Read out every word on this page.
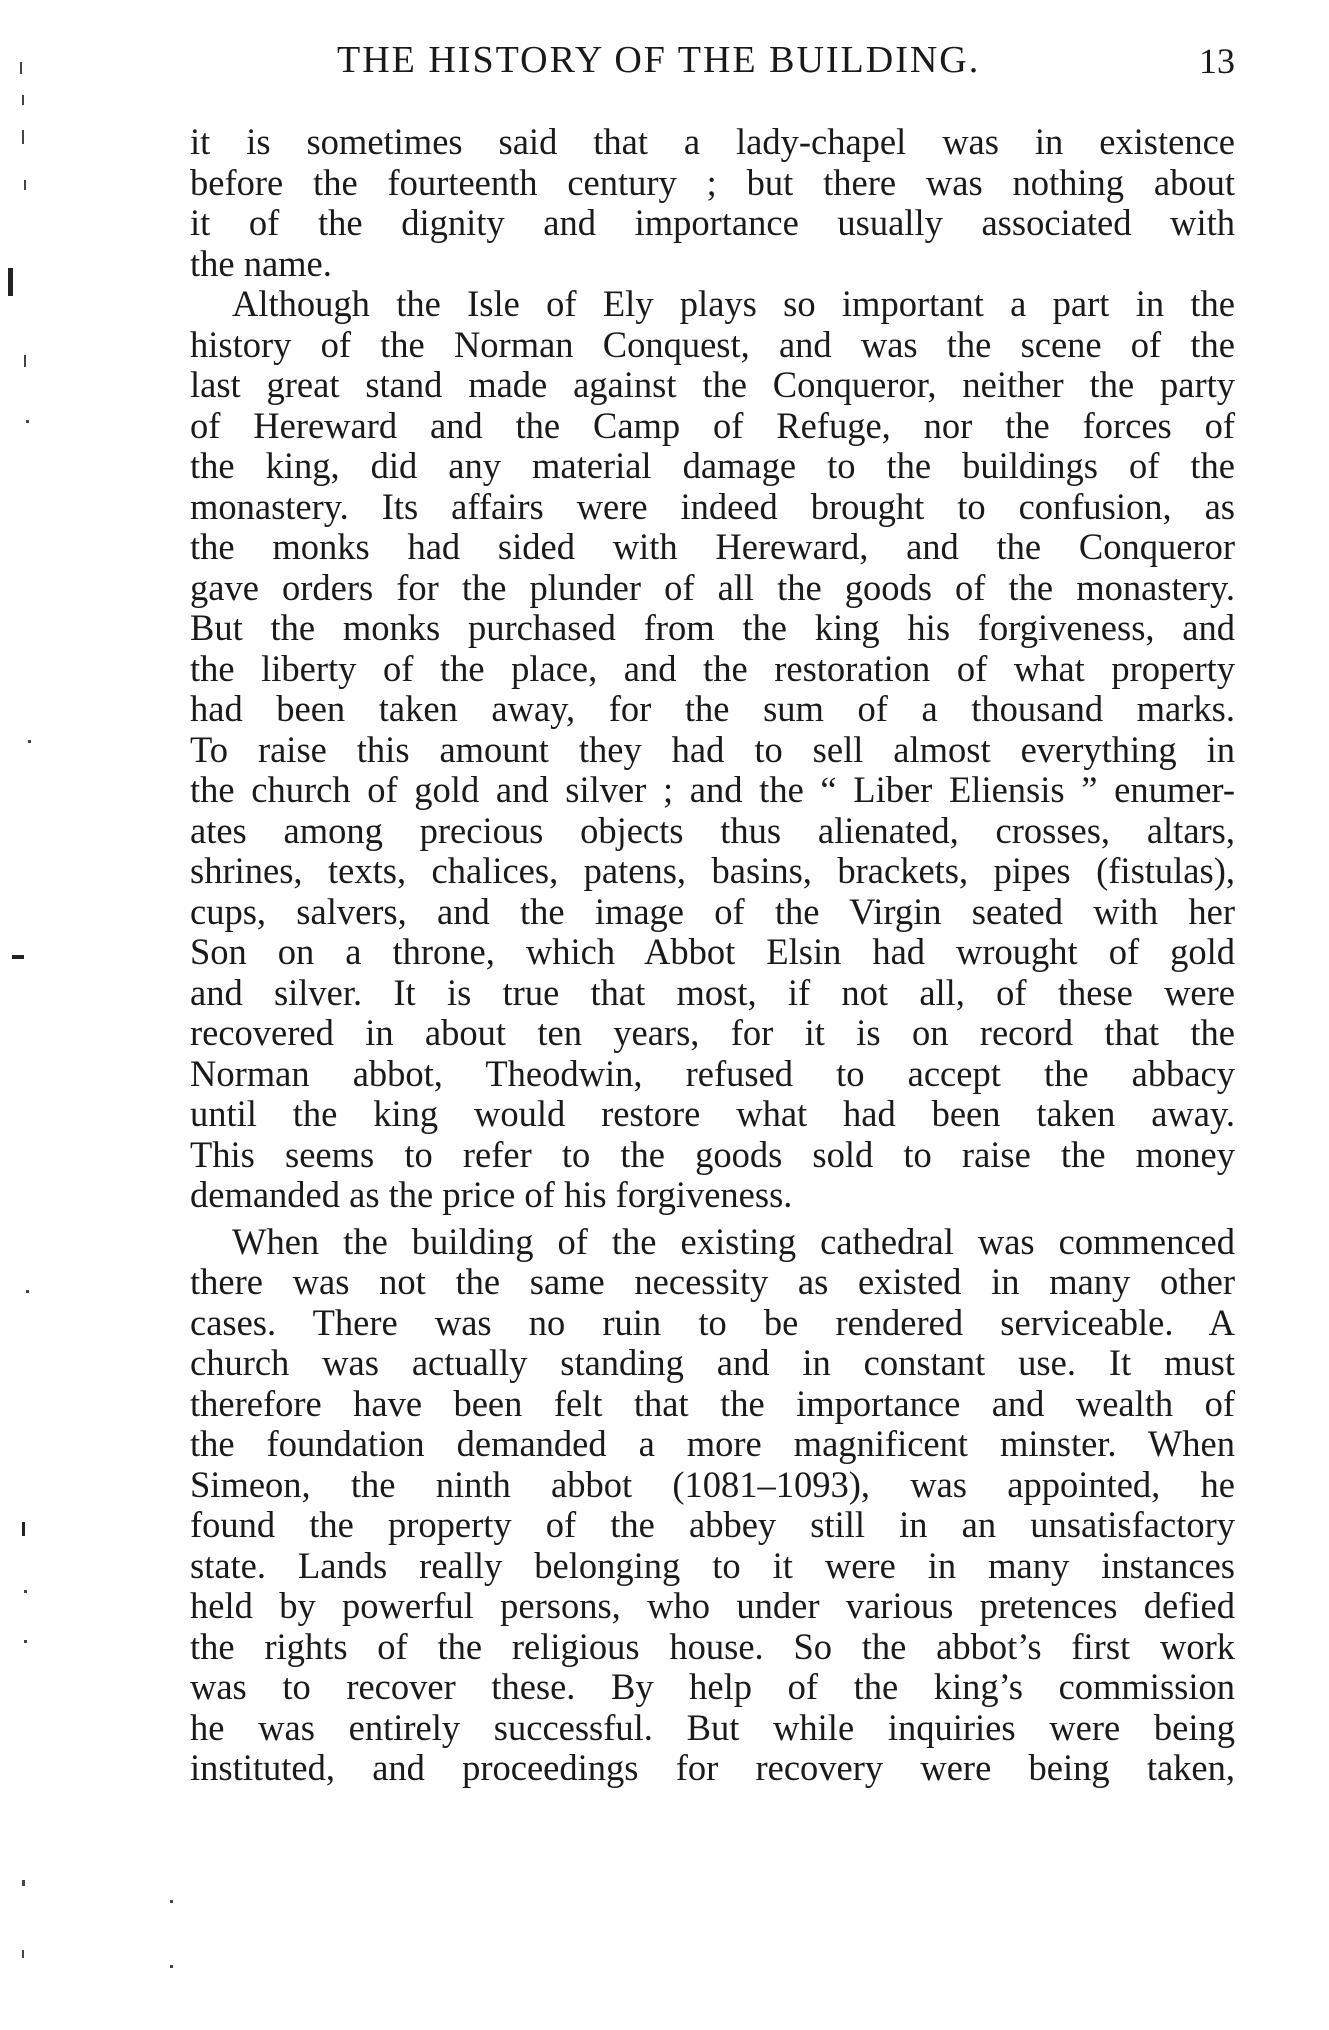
THE HISTORY OF THE BUILDING.	13
it is sometimes said that a lady-chapel was in existence
before the fourteenth century ; but there was nothing about
it of the dignity and importance usually associated with
the name.
Although the Isle of Ely plays so important a part in the
history of the Norman Conquest, and was the scene of the
last great stand made against the Conqueror, neither the party
of Hereward and the Camp of Refuge, nor the forces of
the king, did any material damage to the buildings of the
monastery. Its affairs were indeed brought to confusion, as
the monks had sided with Hereward, and the Conqueror
gave orders for the plunder of all the goods of the monastery.
But the monks purchased from the king his forgiveness, and
the liberty of the place, and the restoration of what property
had been taken away, for the sum of a thousand marks.
To raise this amount they had to sell almost everything in
the church of gold and silver ; and the “ Liber Eliensis ” enumer-
ates among precious objects thus alienated, crosses, altars,
shrines, texts, chalices, patens, basins, brackets, pipes (fistulas),
cups, salvers, and the image of the Virgin seated with her
Son on a throne, which Abbot Elsin had wrought of gold
and silver. It is true that most, if not all, of these were
recovered in about ten years, for it is on record that the
Norman abbot, Theodwin, refused to accept the abbacy
until the king would restore what had been taken away.
This seems to refer to the goods sold to raise the money
demanded as the price of his forgiveness.
When the building of the existing cathedral was commenced
there was not the same necessity as existed in many other
cases. There was no ruin to be rendered serviceable. A
church was actually standing and in constant use. It must
therefore have been felt that the importance and wealth of
the foundation demanded a more magnificent minster. When
Simeon, the ninth abbot (1081–1093), was appointed, he
found the property of the abbey still in an unsatisfactory
state. Lands really belonging to it were in many instances
held by powerful persons, who under various pretences defied
the rights of the religious house. So the abbot’s first work
was to recover these. By help of the king’s commission
he was entirely successful. But while inquiries were being
instituted, and proceedings for recovery were being taken,
